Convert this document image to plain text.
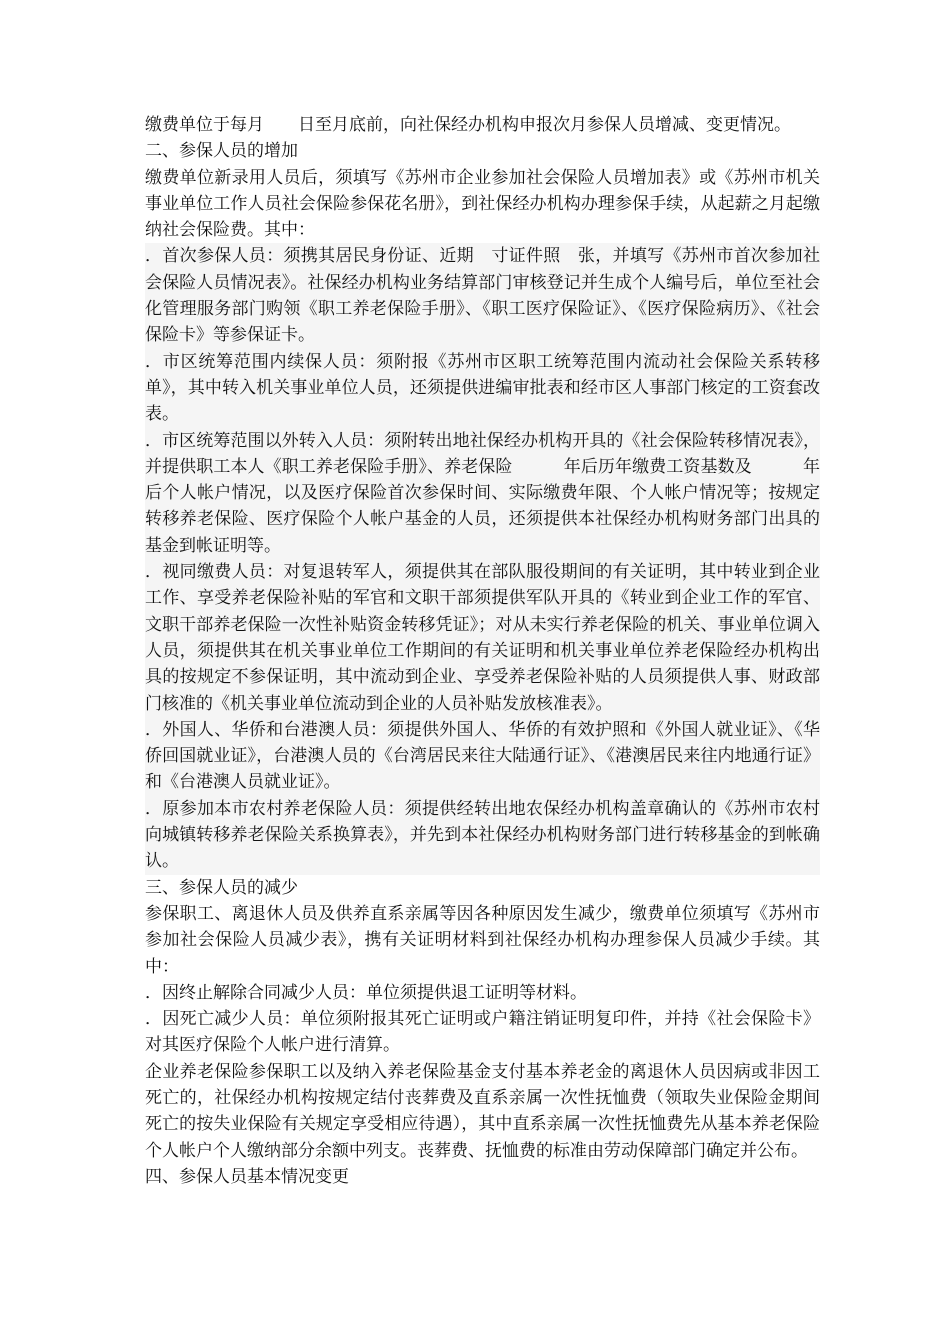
缴费单位于每月　　日至月底前，向社保经办机构申报次月参保人员增减、变更情况。

二、参保人员的增加

缴费单位新录用人员后，须填写《苏州市企业参加社会保险人员增加表》或《苏州市机关事业单位工作人员社会保险参保花名册》，到社保经办机构办理参保手续，从起薪之月起缴纳社会保险费。其中：

．首次参保人员：须携其居民身份证、近期　寸证件照　张，并填写《苏州市首次参加社会保险人员情况表》。社保经办机构业务结算部门审核登记并生成个人编号后，单位至社会化管理服务部门购领《职工养老保险手册》、《职工医疗保险证》、《医疗保险病历》、《社会保险卡》等参保证卡。

．市区统筹范围内续保人员：须附报《苏州市区职工统筹范围内流动社会保险关系转移单》，其中转入机关事业单位人员，还须提供进编审批表和经市区人事部门核定的工资套改表。

．市区统筹范围以外转入人员：须附转出地社保经办机构开具的《社会保险转移情况表》，并提供职工本人《职工养老保险手册》、养老保险　　　年后历年缴费工资基数及　　　年后个人帐户情况，以及医疗保险首次参保时间、实际缴费年限、个人帐户情况等；按规定转移养老保险、医疗保险个人帐户基金的人员，还须提供本社保经办机构财务部门出具的基金到帐证明等。

．视同缴费人员：对复退转军人，须提供其在部队服役期间的有关证明，其中转业到企业工作、享受养老保险补贴的军官和文职干部须提供军队开具的《转业到企业工作的军官、文职干部养老保险一次性补贴资金转移凭证》；对从未实行养老保险的机关、事业单位调入人员，须提供其在机关事业单位工作期间的有关证明和机关事业单位养老保险经办机构出具的按规定不参保证明，其中流动到企业、享受养老保险补贴的人员须提供人事、财政部门核准的《机关事业单位流动到企业的人员补贴发放核准表》。

．外国人、华侨和台港澳人员：须提供外国人、华侨的有效护照和《外国人就业证》、《华侨回国就业证》，台港澳人员的《台湾居民来往大陆通行证》、《港澳居民来往内地通行证》和《台港澳人员就业证》。

．原参加本市农村养老保险人员：须提供经转出地农保经办机构盖章确认的《苏州市农村向城镇转移养老保险关系换算表》，并先到本社保经办机构财务部门进行转移基金的到帐确认。

三、参保人员的减少

参保职工、离退休人员及供养直系亲属等因各种原因发生减少，缴费单位须填写《苏州市参加社会保险人员减少表》，携有关证明材料到社保经办机构办理参保人员减少手续。其中：

．因终止解除合同减少人员：单位须提供退工证明等材料。

．因死亡减少人员：单位须附报其死亡证明或户籍注销证明复印件，并持《社会保险卡》对其医疗保险个人帐户进行清算。

企业养老保险参保职工以及纳入养老保险基金支付基本养老金的离退休人员因病或非因工死亡的，社保经办机构按规定结付丧葬费及直系亲属一次性抚恤费（领取失业保险金期间死亡的按失业保险有关规定享受相应待遇），其中直系亲属一次性抚恤费先从基本养老保险个人帐户个人缴纳部分余额中列支。丧葬费、抚恤费的标准由劳动保障部门确定并公布。

四、参保人员基本情况变更
